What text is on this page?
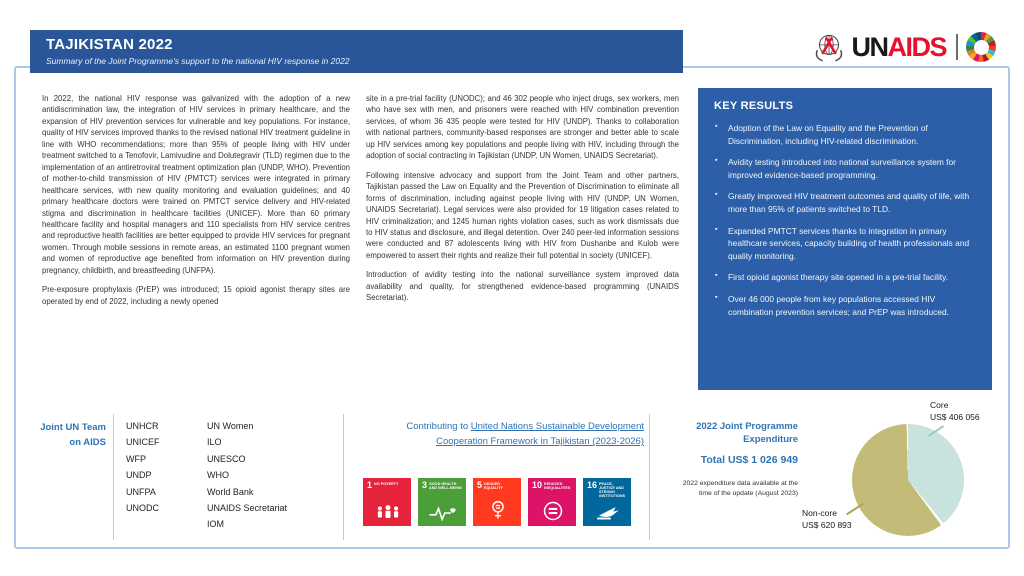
TAJIKISTAN 2022
Summary of the Joint Programme's support to the national HIV response in 2022	UNAIDS

In 2022, the national HIV response was galvanized with the adoption of a new antidiscrimination law, the integration of HIV services in primary healthcare, and the expansion of HIV prevention services for vulnerable and key populations. For instance, quality of HIV services improved thanks to the revised national HIV treatment guideline in line with WHO recommendations; more than 95% of people living with HIV under treatment switched to a Tenofovir, Lamivudine and Dolutegravir (TLD) regimen due to the implementation of an antiretroviral treatment optimization plan (UNDP, WHO). Prevention of mother-to-child transmission of HIV (PMTCT) services were integrated in primary healthcare services, with new quality monitoring and evaluation guidelines; and 40 primary healthcare doctors were trained on PMTCT service delivery and HIV-related stigma and discrimination in healthcare facilities (UNICEF). More than 60 primary healthcare facility and hospital managers and 110 specialists from HIV service centres and reproductive health facilities are better equipped to provide HIV services for pregnant women. Through mobile sessions in remote areas, an estimated 1100 pregnant women and women of reproductive age benefited from information on HIV prevention during pregnancy, childbirth, and breastfeeding (UNFPA).

Pre-exposure prophylaxis (PrEP) was introduced; 15 opioid agonist therapy sites are operated by end of 2022, including a newly opened

site in a pre-trial facility (UNODC); and 46 302 people who inject drugs, sex workers, men who have sex with men, and prisoners were reached with HIV combination prevention services, of whom 36 435 people were tested for HIV (UNDP). Thanks to collaboration with national partners, community-based responses are stronger and better able to scale up HIV services among key populations and people living with HIV, including through the adoption of social contracting in Tajikistan (UNDP, UN Women, UNAIDS Secretariat).

Following intensive advocacy and support from the Joint Team and other partners, Tajikistan passed the Law on Equality and the Prevention of Discrimination to eliminate all forms of discrimination, including against people living with HIV (UNDP, UN Women, UNAIDS Secretariat). Legal services were also provided for 19 litigation cases related to HIV criminalization; and 1245 human rights violation cases, such as work dismissals due to HIV status and disclosure, and illegal detention. Over 240 peer-led information sessions were conducted and 87 adolescents living with HIV from Dushanbe and Kulob were empowered to assert their rights and realize their full potential in society (UNICEF).

Introduction of avidity testing into the national surveillance system improved data availability and quality, for strengthened evidence-based programming (UNAIDS Secretariat).

KEY RESULTS
▪ Adoption of the Law on Equality and the Prevention of Discrimination, including HIV-related discrimination.
▪ Avidity testing introduced into national surveillance system for improved evidence-based programming.
▪ Greatly improved HIV treatment outcomes and quality of life, with more than 95% of patients switched to TLD.
▪ Expanded PMTCT services thanks to integration in primary healthcare services, capacity building of health professionals and quality monitoring.
▪ First opioid agonist therapy site opened in a pre-trial facility.
▪ Over 46 000 people from key populations accessed HIV combination prevention services; and PrEP was introduced.
Joint UN Team on AIDS
UNHCR
UNICEF
WFP
UNDP
UNFPA
UNODC
UN Women
ILO
UNESCO
WHO
World Bank
UNAIDS Secretariat
IOM
Contributing to United Nations Sustainable Development Cooperation Framework in Tajikistan (2023-2026)
1 NO POVERTY	3 GOOD HEALTH AND WELL-BEING 5 GENDER EQUALITY	10 REDUCED INEQUALITIES 16 PEACE, JUSTICE AND STRONG INSTITUTIONS
2022 Joint Programme Expenditure
Total US$ 1 026 949
2022 expenditure data available at the time of the update (August 2023)
Core
US$ 406 056
Non-core
US$ 620 893
